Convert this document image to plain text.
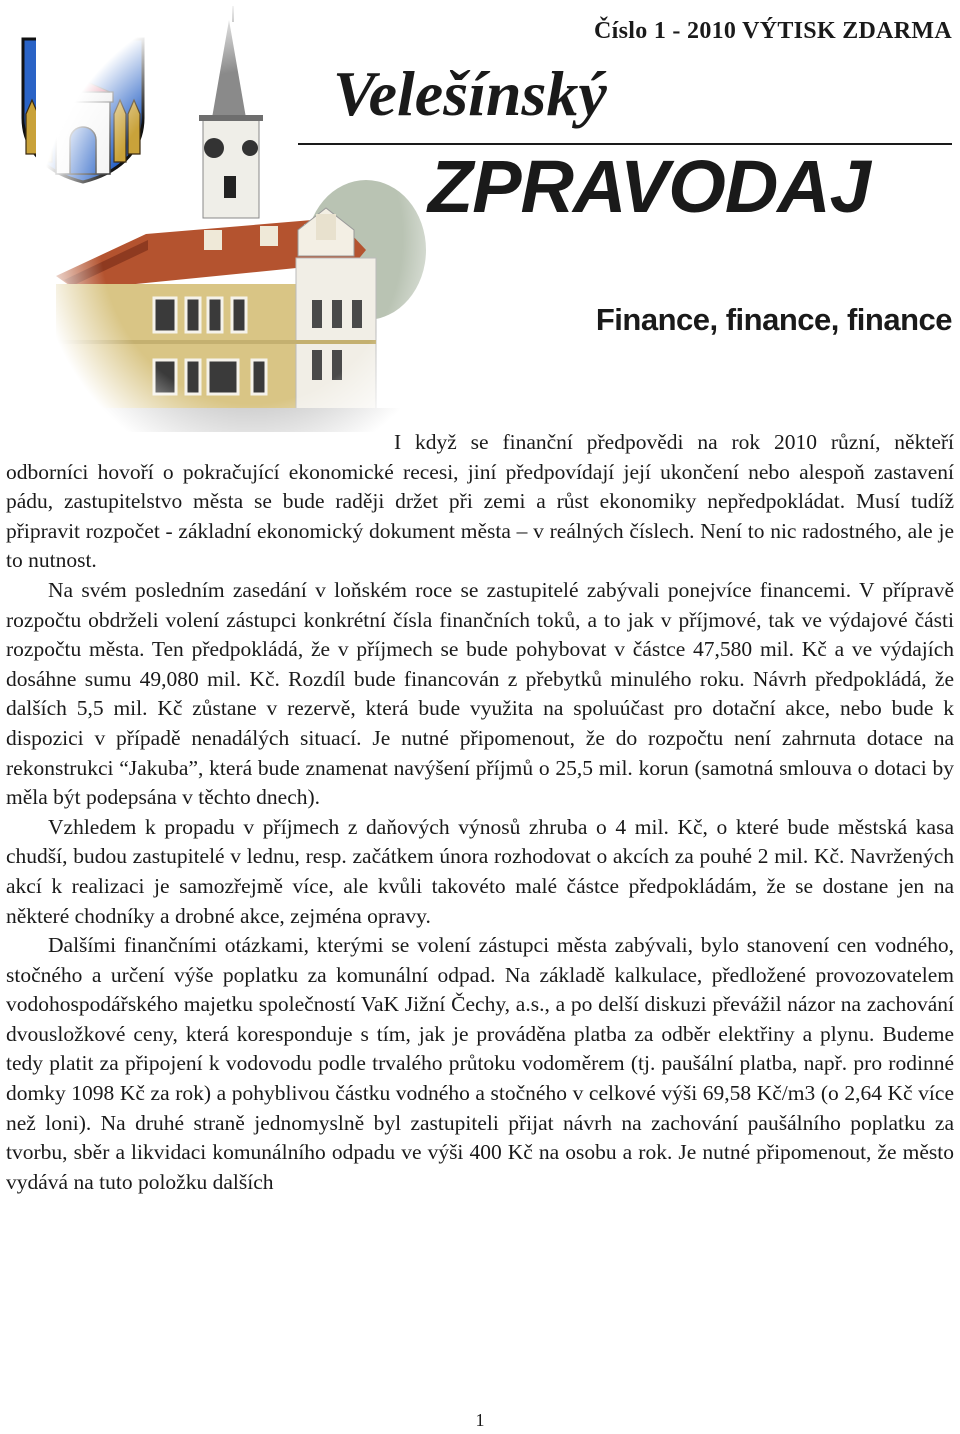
Číslo 1 - 2010 VÝTISK ZDARMA
Velešínský
ZPRAVODAJ
Finance, finance, finance

I když se finanční předpovědi na rok 2010 různí, někteří odborníci hovoří o pokračující ekonomické recesi, jiní předpovídají její ukončení nebo alespoň zastavení pádu, zastupitelstvo města se bude raději držet při zemi a růst ekonomiky nepředpokládat. Musí tudíž připravit rozpočet - základní ekonomický dokument města – v reálných číslech. Není to nic radostného, ale je to nutnost.

Na svém posledním zasedání v loňském roce se zastupitelé zabývali ponejvíce financemi. V přípravě rozpočtu obdrželi volení zástupci konkrétní čísla finančních toků, a to jak v příjmové, tak ve výdajové části rozpočtu města. Ten předpokládá, že v příjmech se bude pohybovat v částce 47,580 mil. Kč a ve výdajích dosáhne sumu 49,080 mil. Kč. Rozdíl bude financován z přebytků minulého roku. Návrh předpokládá, že dalších 5,5 mil. Kč zůstane v rezervě, která bude využita na spoluúčast pro dotační akce, nebo bude k dispozici v případě nenadálých situací. Je nutné připomenout, že do rozpočtu není zahrnuta dotace na rekonstrukci “Jakuba”, která bude znamenat navýšení příjmů o 25,5 mil. korun (samotná smlouva o dotaci by měla být podepsána v těchto dnech).

Vzhledem k propadu v příjmech z daňových výnosů zhruba o 4 mil. Kč, o které bude městská kasa chudší, budou zastupitelé v lednu, resp. začátkem února rozhodovat o akcích za pouhé 2 mil. Kč. Navržených akcí k realizaci je samozřejmě více, ale kvůli takovéto malé částce předpokládám, že se dostane jen na některé chodníky a drobné akce, zejména opravy.

Dalšími finančními otázkami, kterými se volení zástupci města zabývali, bylo stanovení cen vodného, stočného a určení výše poplatku za komunální odpad. Na základě kalkulace, předložené provozovatelem vodohospodářského majetku společností VaK Jižní Čechy, a.s., a po delší diskuzi převážil názor na zachování dvousložkové ceny, která koresponduje s tím, jak je prováděna platba za odběr elektřiny a plynu. Budeme tedy platit za připojení k vodovodu podle trvalého průtoku vodoměrem (tj. paušální platba, např. pro rodinné domky 1098 Kč za rok) a pohyblivou částku vodného a stočného v celkové výši 69,58 Kč/m3 (o 2,64 Kč více než loni). Na druhé straně jednomyslně byl zastupiteli přijat návrh na zachování paušálního poplatku za tvorbu, sběr a likvidaci komunálního odpadu ve výši 400 Kč na osobu a rok. Je nutné připomenout, že město vydává na tuto položku dalších

1
